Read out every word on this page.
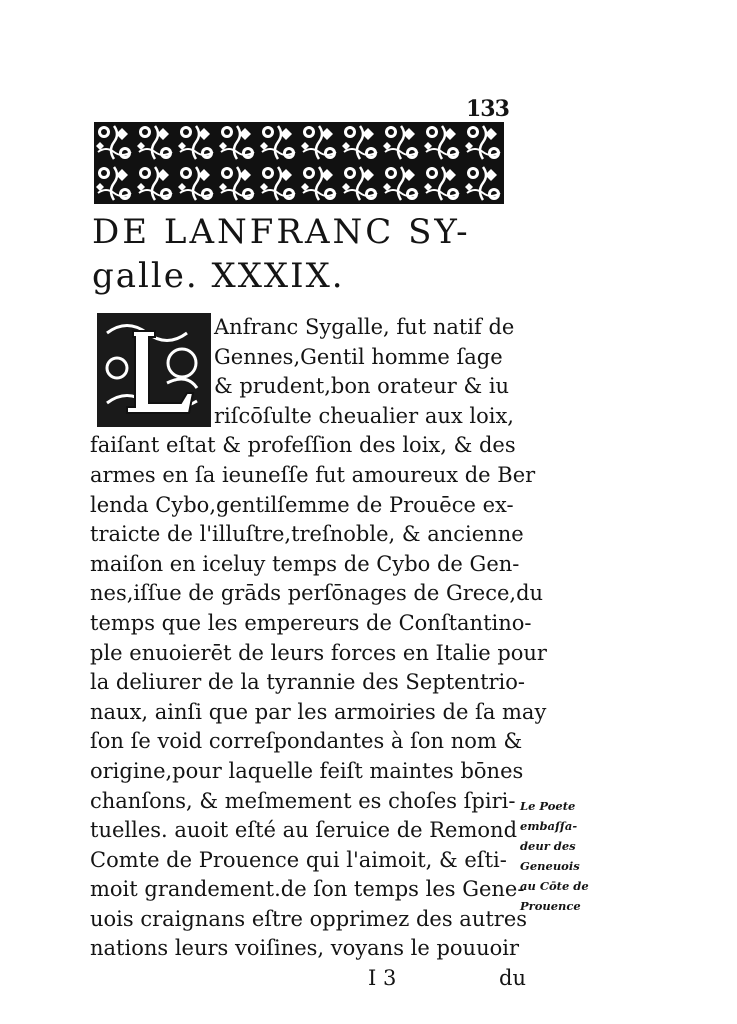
133
DE LANFRANC SY-
galle. XXXIX.
Anfranc Sygalle, fut natif de
Gennes,Gentil homme ſage
& prudent,bon orateur & iu
riſcōſulte cheualier aux loix,
faiſant eſtat & profeſſion des loix, & des
armes en ſa ieuneſſe fut amoureux de Ber
lenda Cybo,gentilſemme de Prouēce ex-
traicte de l'illuſtre,treſnoble, & ancienne
maiſon en iceluy temps de Cybo de Gen-
nes,iſſue de grāds perſōnages de Grece,du
temps que les empereurs de Conſtantino-
ple enuoierēt de leurs forces en Italie pour
la deliurer de la tyrannie des Septentrio-
naux, ainſi que par les armoiries de ſa may
ſon ſe void correſpondantes à ſon nom &
origine,pour laquelle feiſt maintes bōnes
chanſons, & meſmement es choſes ſpiri-
tuelles. auoit eſté au ſeruice de Remond
Comte de Prouence qui l'aimoit, & eſti-
moit grandement.de ſon temps les Gene-
uois craignans eſtre opprimez des autres
nations leurs voiſines, voyans le pouuoir
I 3	du
Le Poete
embaſſa-
deur des
Geneuois
au Cōte de
Prouence
